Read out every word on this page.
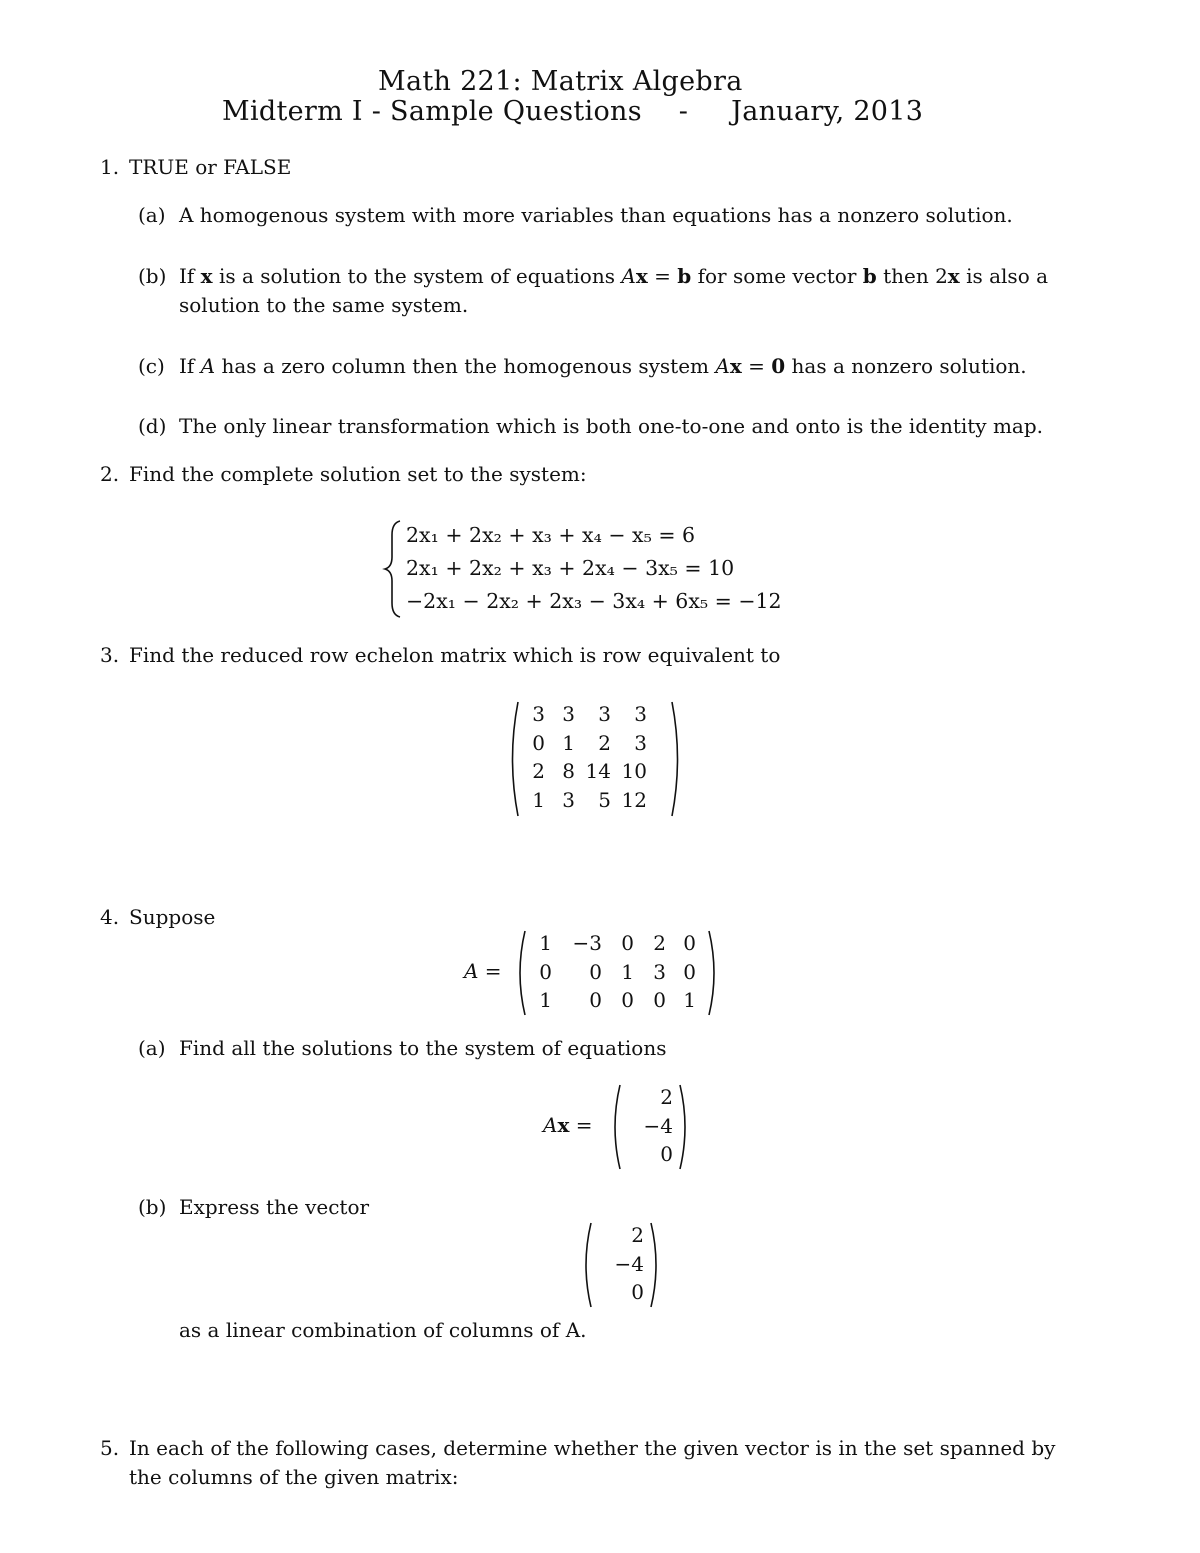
Math 221: Matrix Algebra
Midterm I - Sample Questions - January, 2013
1. TRUE or FALSE
(a) A homogenous system with more variables than equations has a nonzero solution.
(b) If x is a solution to the system of equations Ax = b for some vector b then 2x is also a
solution to the same system.
(c) If A has a zero column then the homogenous system Ax = 0 has a nonzero solution.
(d) The only linear transformation which is both one-to-one and onto is the identity map.
2. Find the complete solution set to the system:
2x₁ + 2x₂ + x₃ + x₄ − x₅ = 6
2x₁ + 2x₂ + x₃ + 2x₄ − 3x₅ = 10
−2x₁ − 2x₂ + 2x₃ − 3x₄ + 6x₅ = −12
3. Find the reduced row echelon matrix which is row equivalent to
3 3	3	3
0 1	2	3
2 8 14 10
1 3	5 12
4. Suppose
A =
1	−3 0 2 0
0	0 1 3 0
1	0 0 0 1
(a) Find all the solutions to the system of equations
Ax =
2
−4
0
(b) Express the vector
2
−4
0
as a linear combination of columns of A.
5. In each of the following cases, determine whether the given vector is in the set spanned by
the columns of the given matrix:
